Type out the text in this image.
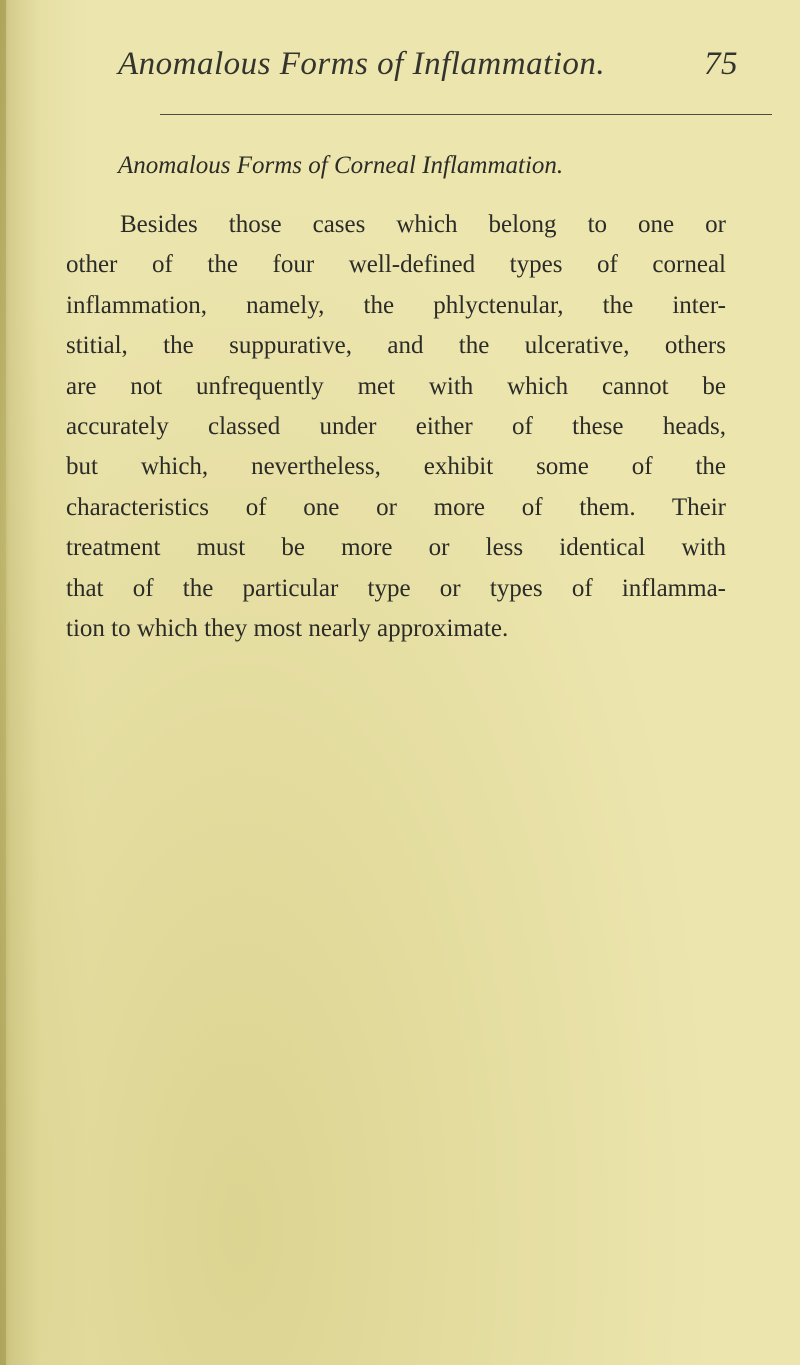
Anomalous Forms of Inflammation.	75
Anomalous Forms of Corneal Inflammation.
Besides those cases which belong to one or
other of the four well-defined types of corneal
inflammation, namely, the phlyctenular, the inter-
stitial, the suppurative, and the ulcerative, others
are not unfrequently met with which cannot be
accurately classed under either of these heads,
but which, nevertheless, exhibit some of the
characteristics of one or more of them. Their
treatment must be more or less identical with
that of the particular type or types of inflamma-
tion to which they most nearly approximate.
